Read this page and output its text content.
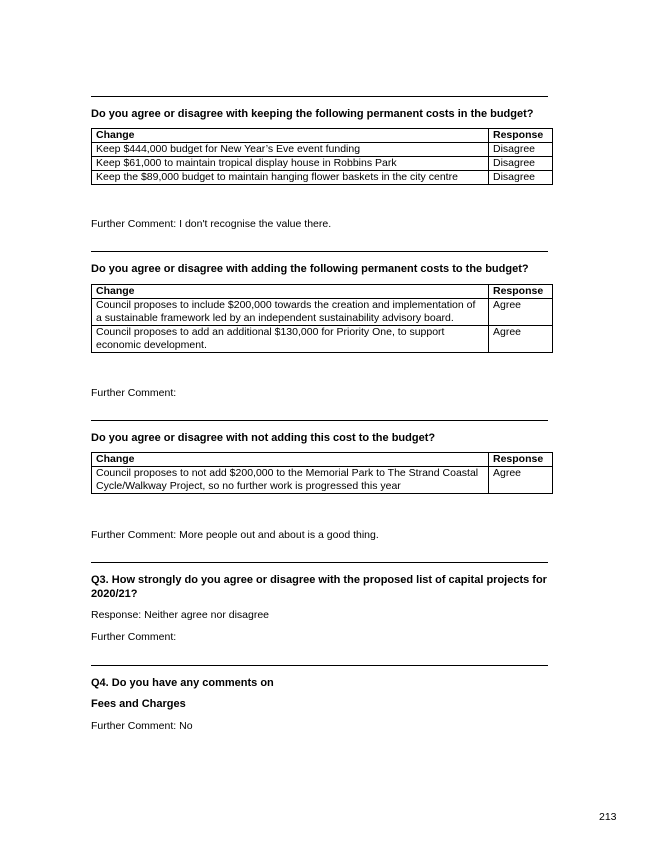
Do you agree or disagree with keeping the following permanent costs in the budget?
Change	Response
Keep $444,000 budget for New Year’s Eve event funding	Disagree
Keep $61,000 to maintain tropical display house in Robbins Park	Disagree
Keep the $89,000 budget to maintain hanging flower baskets in the city centre	Disagree
Further Comment: I don't recognise the value there.
Do you agree or disagree with adding the following permanent costs to the budget?
Change	Response
Council proposes to include $200,000 towards the creation and implementation of a sustainable framework led by an independent sustainability advisory board.	Agree
Council proposes to add an additional $130,000 for Priority One, to support economic development.	Agree
Further Comment:
Do you agree or disagree with not adding this cost to the budget?
Change	Response
Council proposes to not add $200,000 to the Memorial Park to The Strand Coastal Cycle/Walkway Project, so no further work is progressed this year	Agree
Further Comment: More people out and about is a good thing.
Q3. How strongly do you agree or disagree with the proposed list of capital projects for 2020/21?
Response: Neither agree nor disagree
Further Comment:
Q4. Do you have any comments on
Fees and Charges
Further Comment: No
213
